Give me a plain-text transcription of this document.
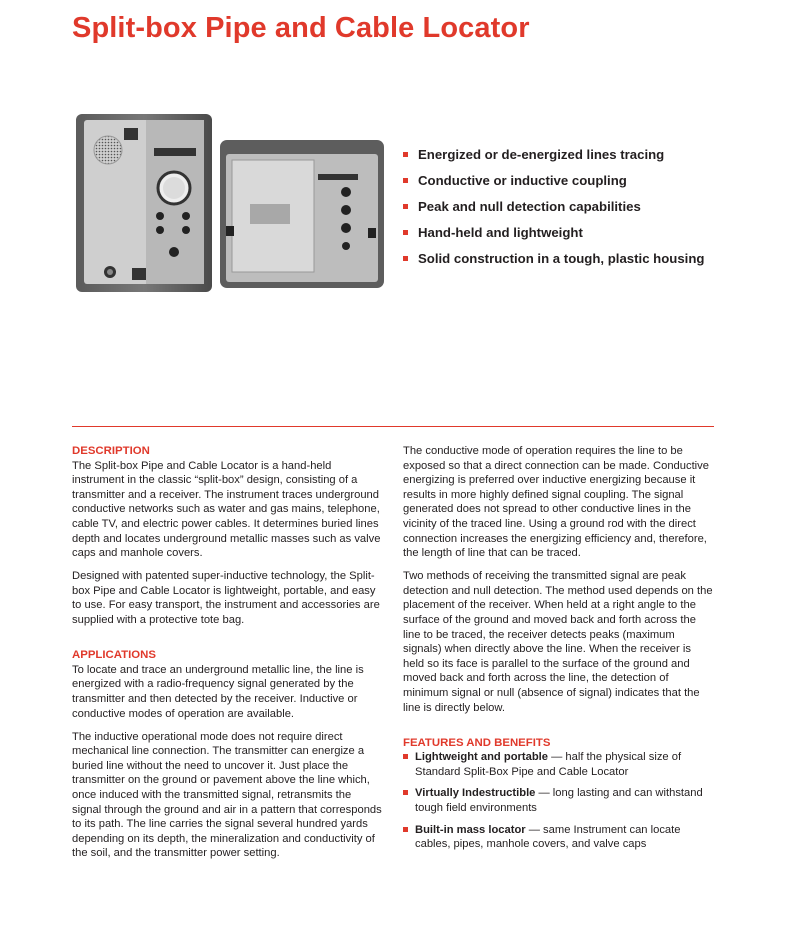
Split-box Pipe and Cable Locator
Energized or de-energized lines tracing
Conductive or inductive coupling
Peak and null detection capabilities
Hand-held and lightweight
Solid construction in a tough, plastic housing
DESCRIPTION

The Split-box Pipe and Cable Locator is a hand-held instrument in the classic “split-box” design, consisting of a transmitter and a receiver. The instrument traces underground conductive networks such as water and gas mains, telephone, cable TV, and electric power cables. It determines buried lines depth and locates underground metallic masses such as valve caps and manhole covers.

Designed with patented super-inductive technology, the Split-box Pipe and Cable Locator is lightweight, portable, and easy to use. For easy transport, the instrument and accessories are supplied with a protective tote bag.

APPLICATIONS

To locate and trace an underground metallic line, the line is energized with a radio-frequency signal generated by the transmitter and then detected by the receiver. Inductive or conductive modes of operation are available.

The inductive operational mode does not require direct mechanical line connection. The transmitter can energize a buried line without the need to uncover it. Just place the transmitter on the ground or pavement above the line which, once induced with the transmitted signal, retransmits the signal through the ground and air in a pattern that corresponds to its path. The line carries the signal several hundred yards depending on its depth, the mineralization and conductivity of the soil, and the transmitter power setting.

The conductive mode of operation requires the line to be exposed so that a direct connection can be made. Conductive energizing is preferred over inductive energizing because it results in more highly defined signal coupling. The signal generated does not spread to other conductive lines in the vicinity of the traced line. Using a ground rod with the direct connection increases the energizing efficiency and, therefore, the length of line that can be traced.

Two methods of receiving the transmitted signal are peak detection and null detection. The method used depends on the placement of the receiver. When held at a right angle to the surface of the ground and moved back and forth across the line to be traced, the receiver detects peaks (maximum signals) when directly above the line. When the receiver is held so its face is parallel to the surface of the ground and moved back and forth across the line, the detection of minimum signal or null (absence of signal) indicates that the line is directly below.

FEATURES AND BENEFITS
Lightweight and portable — half the physical size of Standard Split-Box Pipe and Cable Locator
Virtually Indestructible — long lasting and can withstand tough field environments
Built-in mass locator — same Instrument can locate cables, pipes, manhole covers, and valve caps
